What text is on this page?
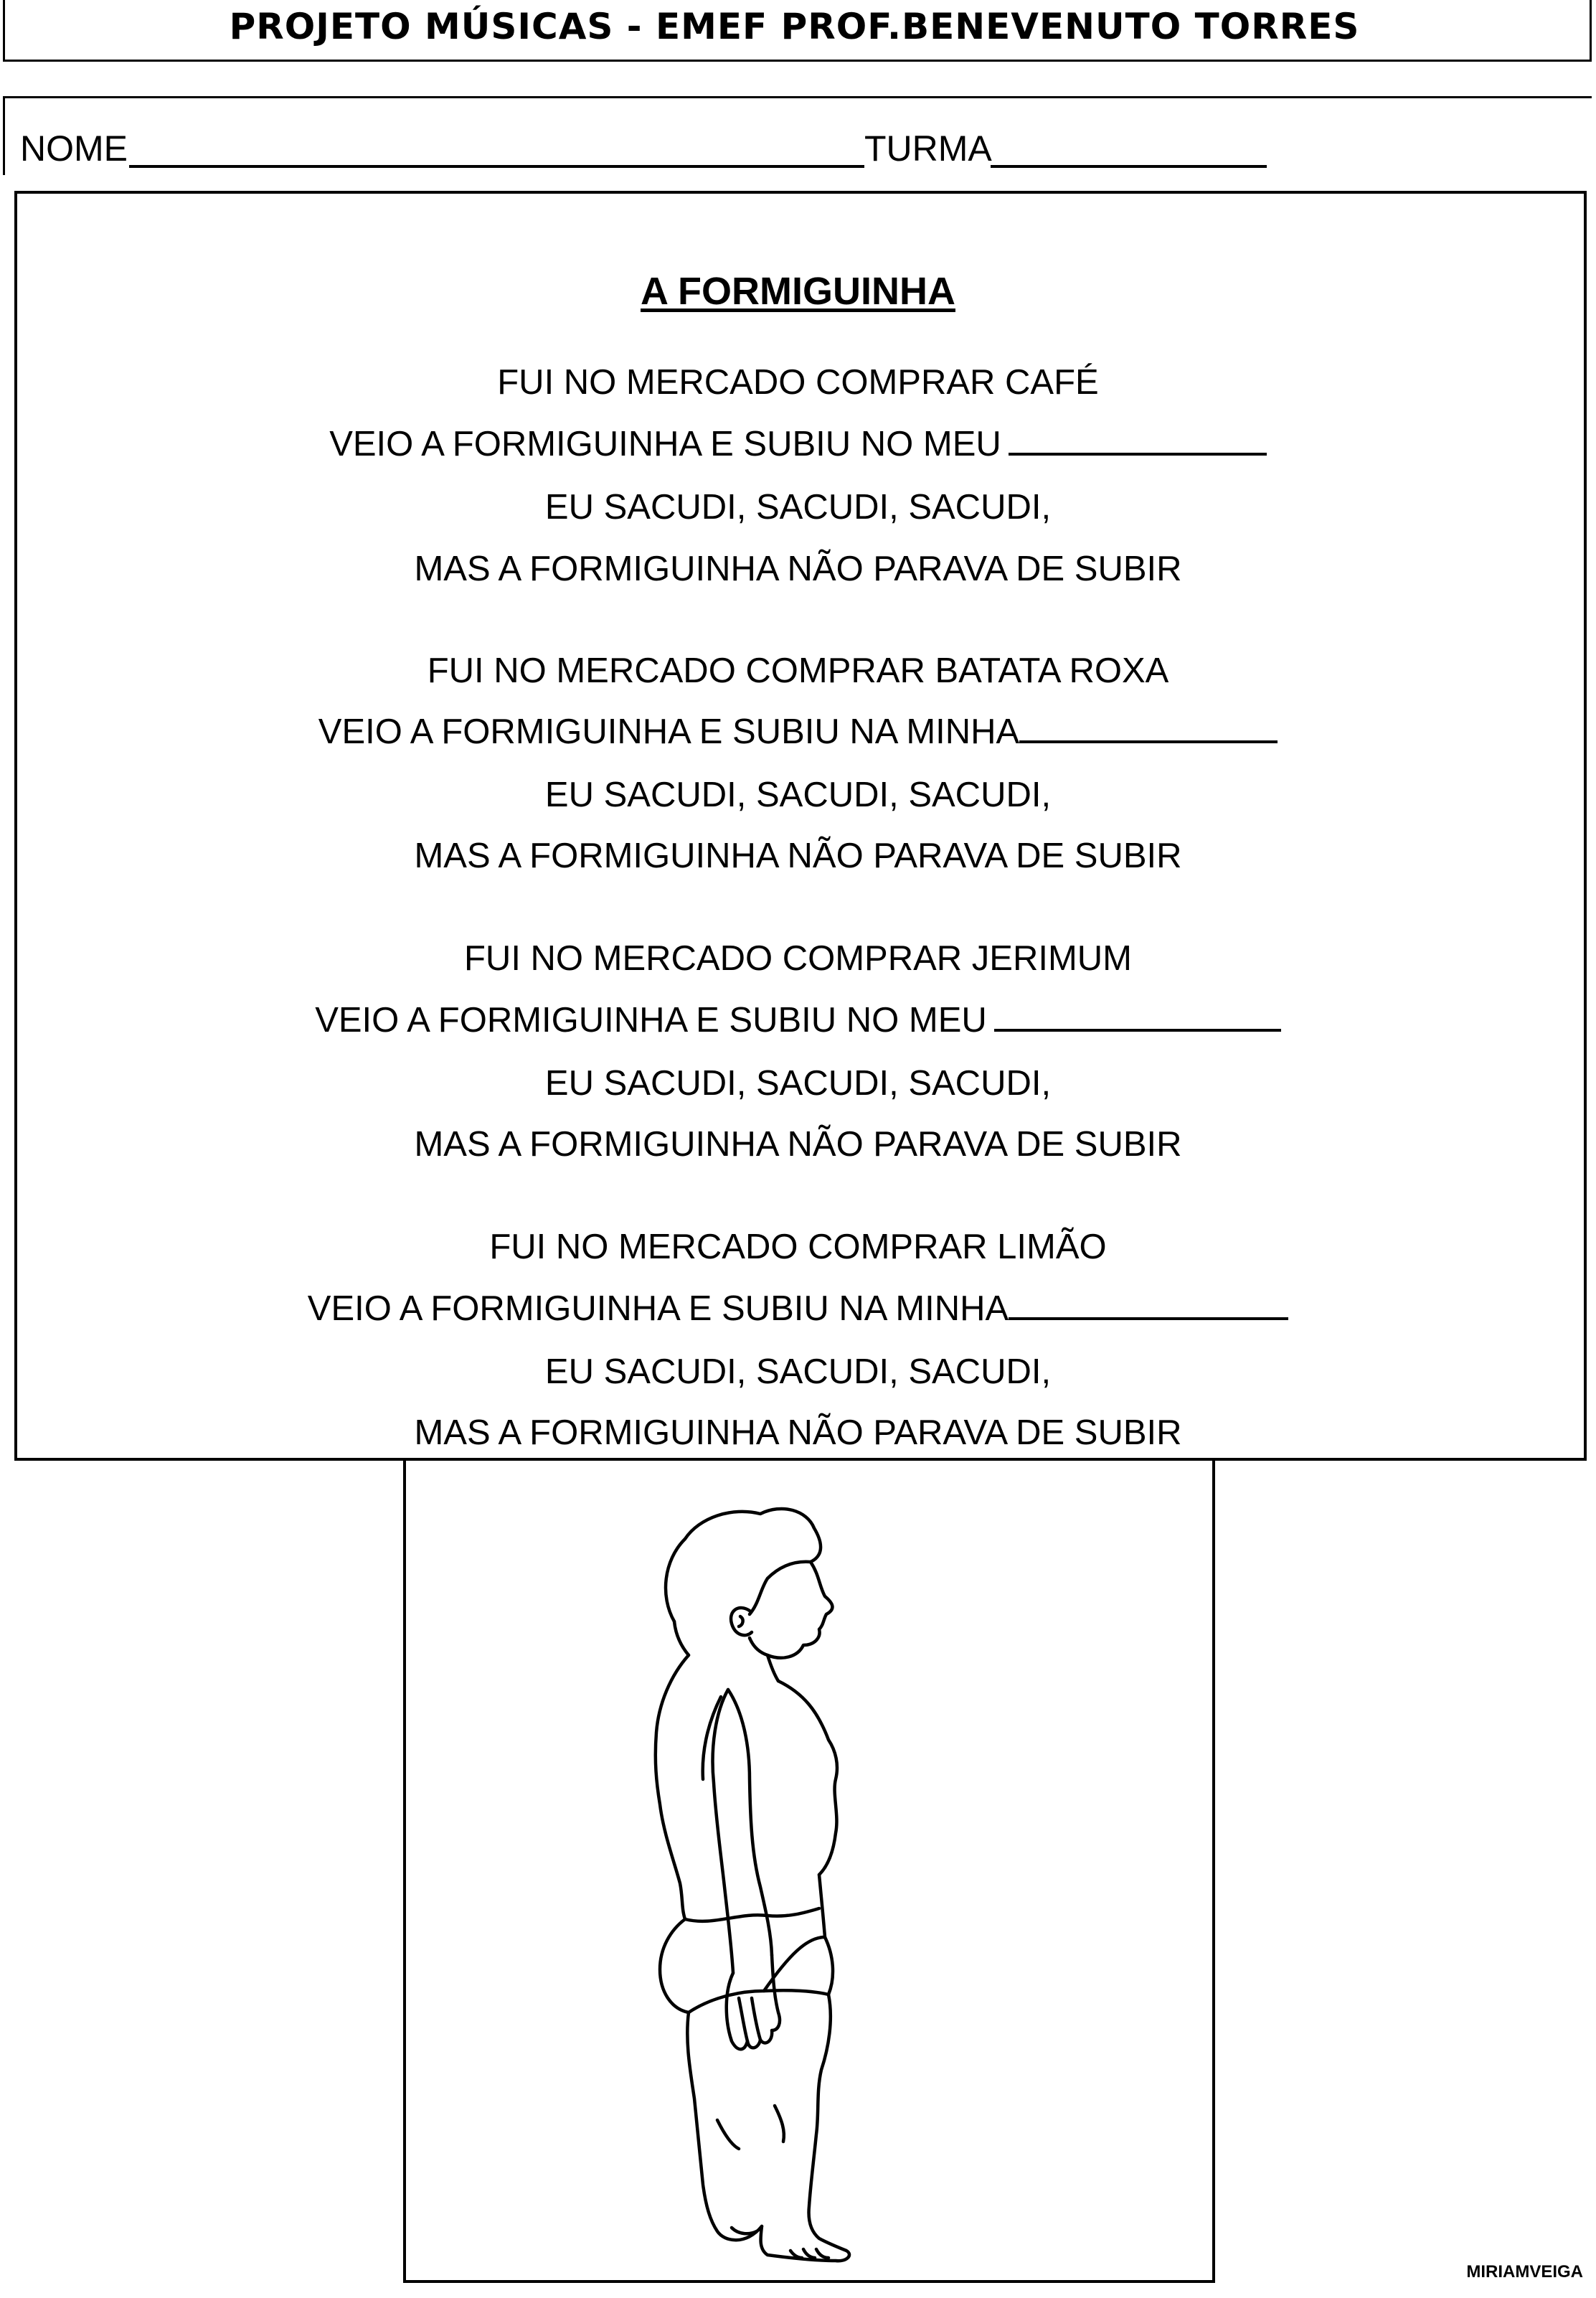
PROJETO MÚSICAS - EMEF PROF.BENEVENUTO TORRES
NOME	TURMA
A FORMIGUINHA
FUI NO MERCADO COMPRAR CAFÉ
VEIO A FORMIGUINHA E SUBIU NO MEU
EU SACUDI, SACUDI, SACUDI,
MAS A FORMIGUINHA NÃO PARAVA DE SUBIR
FUI NO MERCADO COMPRAR BATATA ROXA
VEIO A FORMIGUINHA E SUBIU NA MINHA
EU SACUDI, SACUDI, SACUDI,
MAS A FORMIGUINHA NÃO PARAVA DE SUBIR
FUI NO MERCADO COMPRAR JERIMUM
VEIO A FORMIGUINHA E SUBIU NO MEU
EU SACUDI, SACUDI, SACUDI,
MAS A FORMIGUINHA NÃO PARAVA DE SUBIR
FUI NO MERCADO COMPRAR LIMÃO
VEIO A FORMIGUINHA E SUBIU NA MINHA
EU SACUDI, SACUDI, SACUDI,
MAS A FORMIGUINHA NÃO PARAVA DE SUBIR
MIRIAMVEIGA
